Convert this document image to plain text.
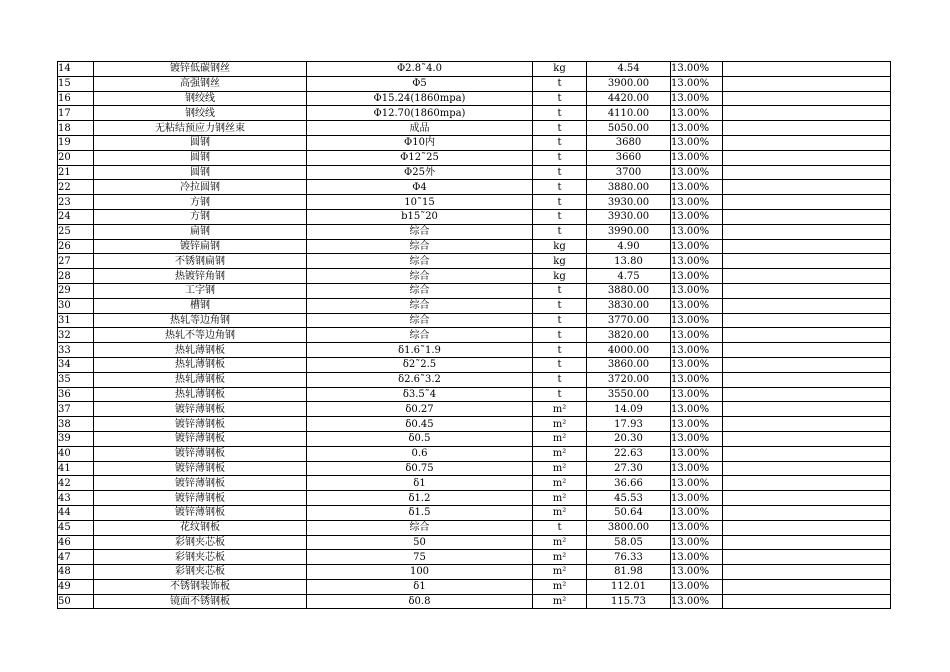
14	镀锌低碳钢丝	Φ2.8˜4.0	kg	4.54	13.00%	
15	高强钢丝	Φ5	t	3900.00	13.00%	
16	钢绞线	Φ15.24(1860mpa)	t	4420.00	13.00%	
17	钢绞线	Φ12.70(1860mpa)	t	4110.00	13.00%	
18	无粘结预应力钢丝束	成品	t	5050.00	13.00%	
19	圆钢	Φ10内	t	3680	13.00%	
20	圆钢	Φ12˜25	t	3660	13.00%	
21	圆钢	Φ25外	t	3700	13.00%	
22	冷拉圆钢	Φ4	t	3880.00	13.00%	
23	方钢	10˜15	t	3930.00	13.00%	
24	方钢	b15˜20	t	3930.00	13.00%	
25	扁钢	综合	t	3990.00	13.00%	
26	镀锌扁钢	综合	kg	4.90	13.00%	
27	不锈钢扁钢	综合	kg	13.80	13.00%	
28	热镀锌角钢	综合	kg	4.75	13.00%	
29	工字钢	综合	t	3880.00	13.00%	
30	槽钢	综合	t	3830.00	13.00%	
31	热轧等边角钢	综合	t	3770.00	13.00%	
32	热轧不等边角钢	综合	t	3820.00	13.00%	
33	热轧薄钢板	δ1.6˜1.9	t	4000.00	13.00%	
34	热轧薄钢板	δ2˜2.5	t	3860.00	13.00%	
35	热轧薄钢板	δ2.6˜3.2	t	3720.00	13.00%	
36	热轧薄钢板	δ3.5˜4	t	3550.00	13.00%	
37	镀锌薄钢板	δ0.27	m²	14.09	13.00%	
38	镀锌薄钢板	δ0.45	m²	17.93	13.00%	
39	镀锌薄钢板	δ0.5	m²	20.30	13.00%	
40	镀锌薄钢板	0.6	m²	22.63	13.00%	
41	镀锌薄钢板	δ0.75	m²	27.30	13.00%	
42	镀锌薄钢板	δ1	m²	36.66	13.00%	
43	镀锌薄钢板	δ1.2	m²	45.53	13.00%	
44	镀锌薄钢板	δ1.5	m²	50.64	13.00%	
45	花纹钢板	综合	t	3800.00	13.00%	
46	彩钢夹芯板	50	m²	58.05	13.00%	
47	彩钢夹芯板	75	m²	76.33	13.00%	
48	彩钢夹芯板	100	m²	81.98	13.00%	
49	不锈钢装饰板	δ1	m²	112.01	13.00%	
50	镜面不锈钢板	δ0.8	m²	115.73	13.00%	
